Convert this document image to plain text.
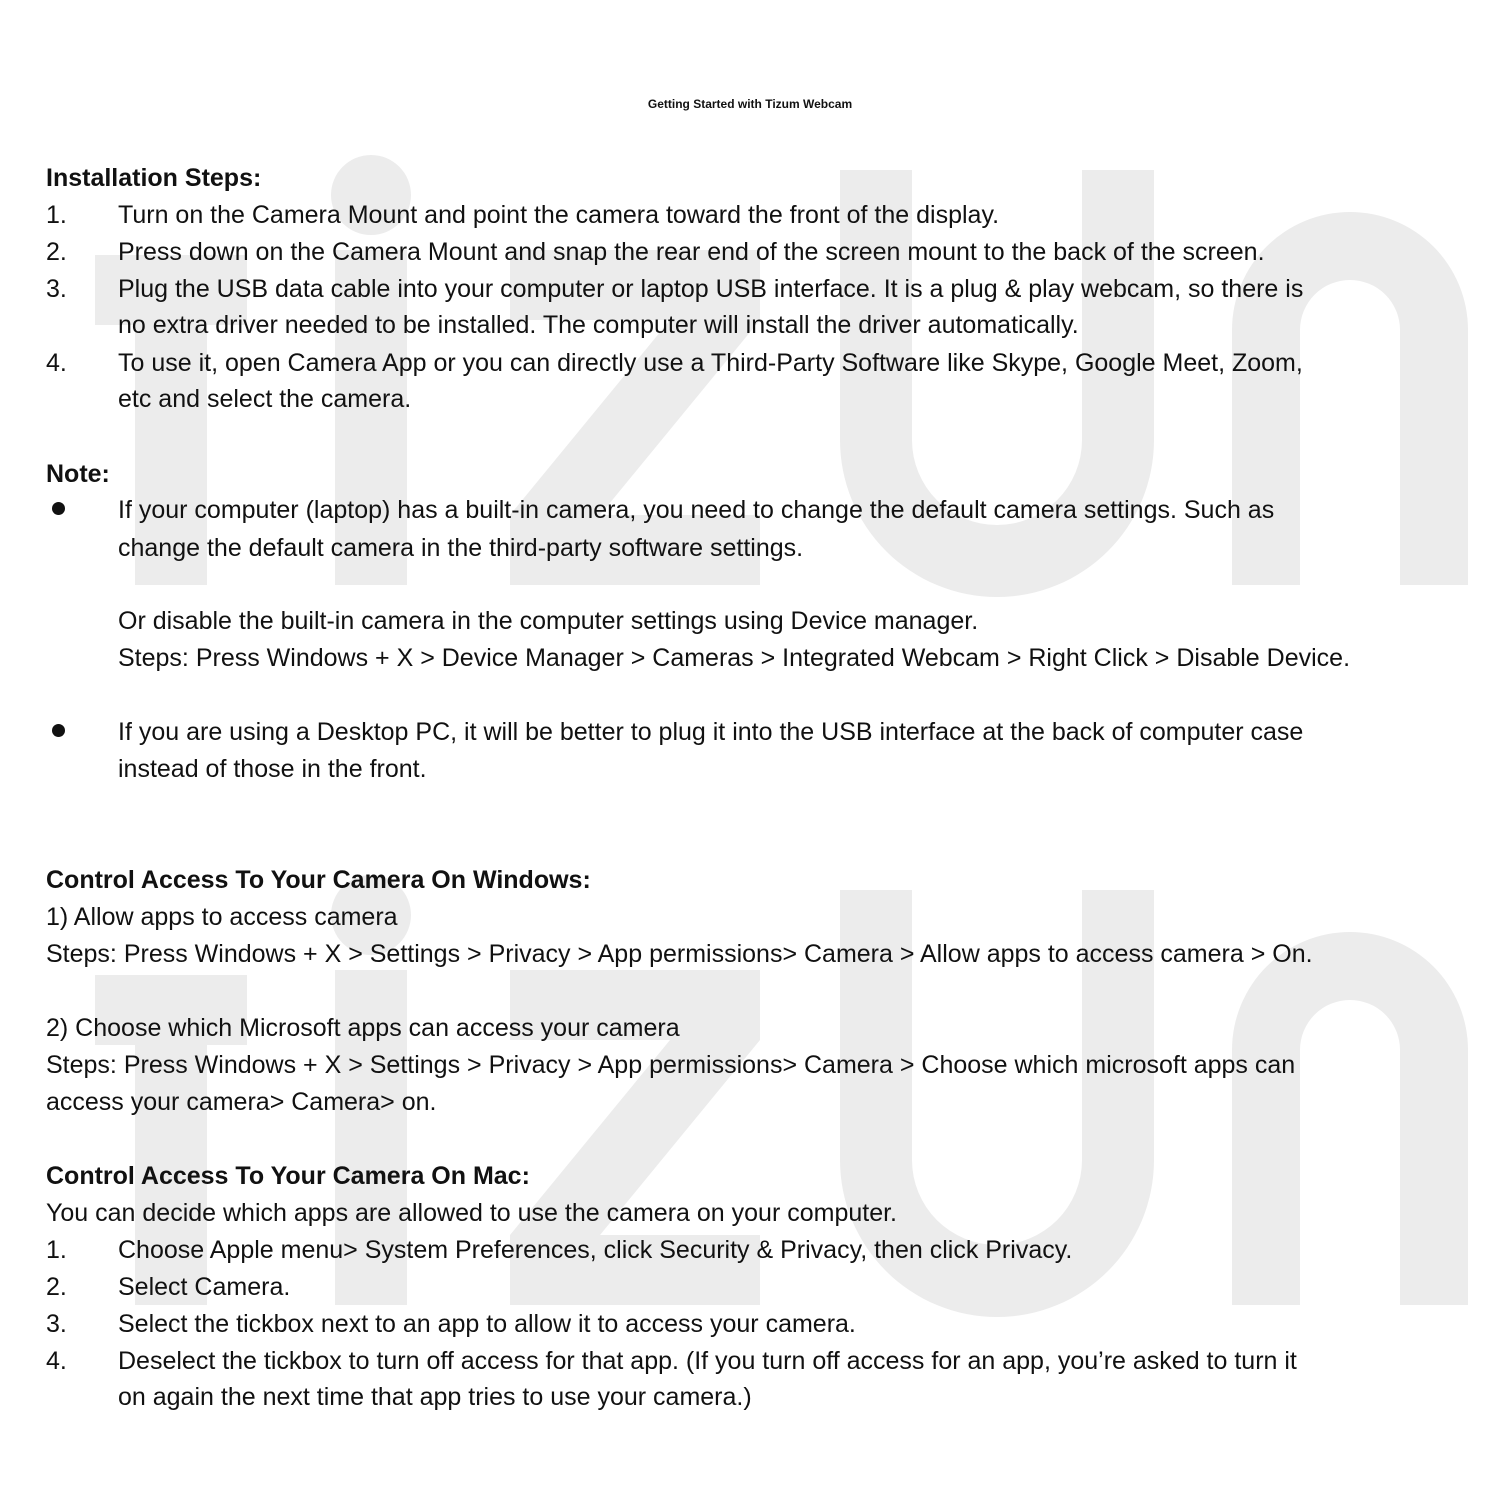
Getting Started with Tizum Webcam
Installation Steps:
1. Turn on the Camera Mount and point the camera toward the front of the display.
2. Press down on the Camera Mount and snap the rear end of the screen mount to the back of the screen.
3. Plug the USB data cable into your computer or laptop USB interface. It is a plug & play webcam, so there is
no extra driver needed to be installed. The computer will install the driver automatically.
4. To use it, open Camera App or you can directly use a Third-Party Software like Skype, Google Meet, Zoom,
etc and select the camera.
Note:
If your computer (laptop) has a built-in camera, you need to change the default camera settings. Such as
change the default camera in the third-party software settings.
Or disable the built-in camera in the computer settings using Device manager.
Steps: Press Windows + X > Device Manager > Cameras > Integrated Webcam > Right Click > Disable Device.
If you are using a Desktop PC, it will be better to plug it into the USB interface at the back of computer case
instead of those in the front.
Control Access To Your Camera On Windows:
1) Allow apps to access camera
Steps: Press Windows + X > Settings > Privacy > App permissions> Camera > Allow apps to access camera > On.
2) Choose which Microsoft apps can access your camera
Steps: Press Windows + X > Settings > Privacy > App permissions> Camera > Choose which microsoft apps can
access your camera> Camera> on.
Control Access To Your Camera On Mac:
You can decide which apps are allowed to use the camera on your computer.
1. Choose Apple menu> System Preferences, click Security & Privacy, then click Privacy.
2. Select Camera.
3. Select the tickbox next to an app to allow it to access your camera.
4. Deselect the tickbox to turn off access for that app. (If you turn off access for an app, you’re asked to turn it
on again the next time that app tries to use your camera.)
